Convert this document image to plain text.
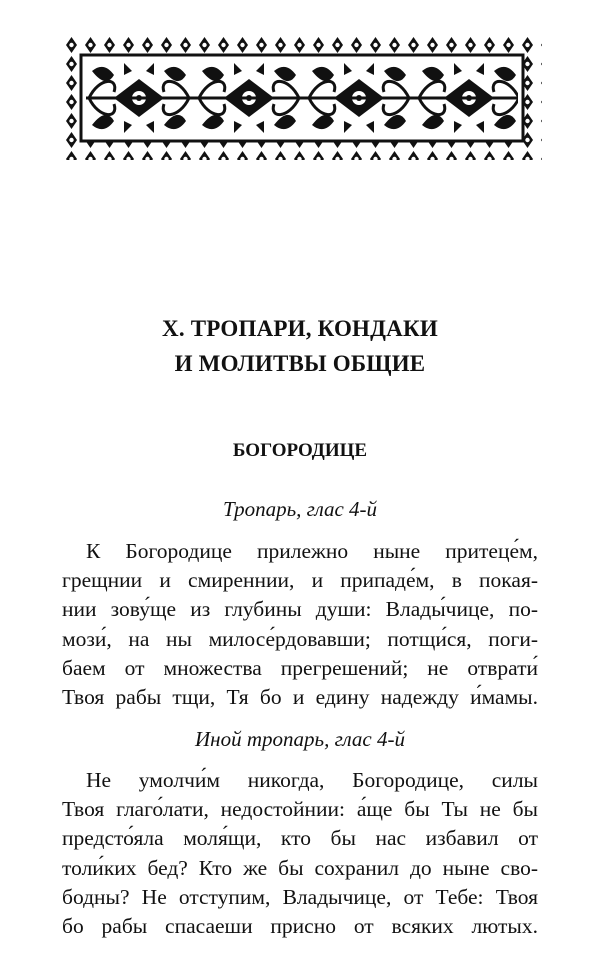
X. ТРОПАРИ, КОНДАКИ
И МОЛИТВЫ ОБЩИЕ
БОГОРОДИЦЕ
Тропарь, глас 4-й
К Богородице прилежно ныне притеце́м,
грещнии и смиреннии, и припаде́м, в покая-
нии зову́ще из глубины души: Влады́чице, по-
мози́, на ны милосе́рдовавши; потщи́ся, поги-
баем от множества прегрешений; не отврати́
Твоя рабы тщи, Тя бо и едину надежду и́мамы.
Иной тропарь, глас 4-й
Не умолчи́м никогда, Богородице, силы
Твоя глаго́лати, недостойнии: а́ще бы Ты не бы
предсто́яла моля́щи, кто бы нас избавил от
толи́ких бед? Кто же бы сохранил до ныне сво-
бодны? Не отступим, Владычице, от Тебе: Твоя
бо рабы спасаеши присно от всяких лютых.
